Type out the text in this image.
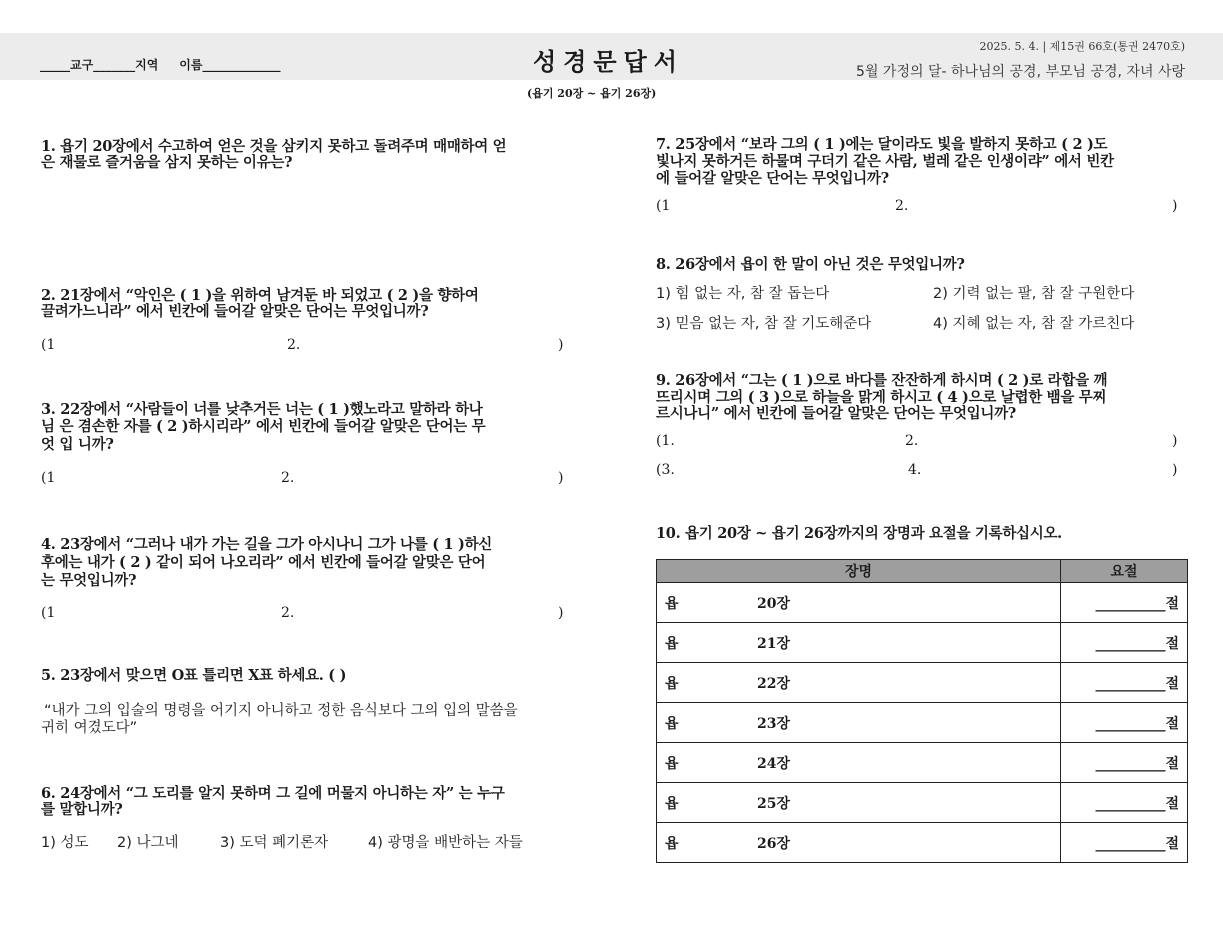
_____교구_______지역     이름_____________	성경문답서
2025. 5. 4. | 제15권 66호(통권 2470호)
5월 가정의 달- 하나님의 공경, 부모님 공경, 자녀 사랑
(욥기 20장 ~ 욥기 26장)
1. 욥기 20장에서 수고하여 얻은 것을 삼키지 못하고 돌려주며 매매하여 얻
은 재물로 즐거움을 삼지 못하는 이유는?
2. 21장에서 “악인은 ( 1 )을 위하여 남겨둔 바 되었고 ( 2 )을 향하여
끌려가느니라” 에서 빈칸에 들어갈 알맞은 단어는 무엇입니까?
(1	2.	)
3. 22장에서 “사람들이 너를 낮추거든 너는 ( 1 )했노라고 말하라 하나
님 은 겸손한 자를 ( 2 )하시리라” 에서 빈칸에 들어갈 알맞은 단어는 무
엇 입 니까?
(1	2.	)
4. 23장에서 “그러나 내가 가는 길을 그가 아시나니 그가 나를 ( 1 )하신
후에는 내가 ( 2 ) 같이 되어 나오리라” 에서 빈칸에 들어갈 알맞은 단어
는 무엇입니까?
(1	2.	)
5. 23장에서 맞으면 O표 틀리면 X표 하세요. ( )
“내가 그의 입술의 명령을 어기지 아니하고 정한 음식보다 그의 입의 말씀을
귀히 여겼도다”
6. 24장에서 “그 도리를 알지 못하며 그 길에 머물지 아니하는 자” 는 누구
를 말합니까?
1) 성도 2) 나그네	3) 도덕 폐기론자	4) 광명을 배반하는 자들
7. 25장에서 “보라 그의 ( 1 )에는 달이라도 빛을 발하지 못하고 ( 2 )도
빛나지 못하거든 하물며 구더기 같은 사람, 벌레 같은 인생이랴” 에서 빈칸
에 들어갈 알맞은 단어는 무엇입니까?
(1	2.	)
8. 26장에서 욥이 한 말이 아닌 것은 무엇입니까?
1) 힘 없는 자, 참 잘 돕는다	2) 기력 없는 팔, 참 잘 구원한다
3) 믿음 없는 자, 참 잘 기도해준다	4) 지혜 없는 자, 참 잘 가르친다
9. 26장에서 “그는 ( 1 )으로 바다를 잔잔하게 하시며 ( 2 )로 라합을 깨
뜨리시며 그의 ( 3 )으로 하늘을 맑게 하시고 ( 4 )으로 날렵한 뱀을 무찌
르시나니” 에서 빈칸에 들어갈 알맞은 단어는 무엇입니까?
(1.	2.	)
(3.	4.	)
10. 욥기 20장 ~ 욥기 26장까지의 장명과 요절을 기록하십시오.
장명	요절
욥 20장	__________절
욥 21장	__________절
욥 22장	__________절
욥 23장	__________절
욥 24장	__________절
욥 25장	__________절
욥 26장	__________절
